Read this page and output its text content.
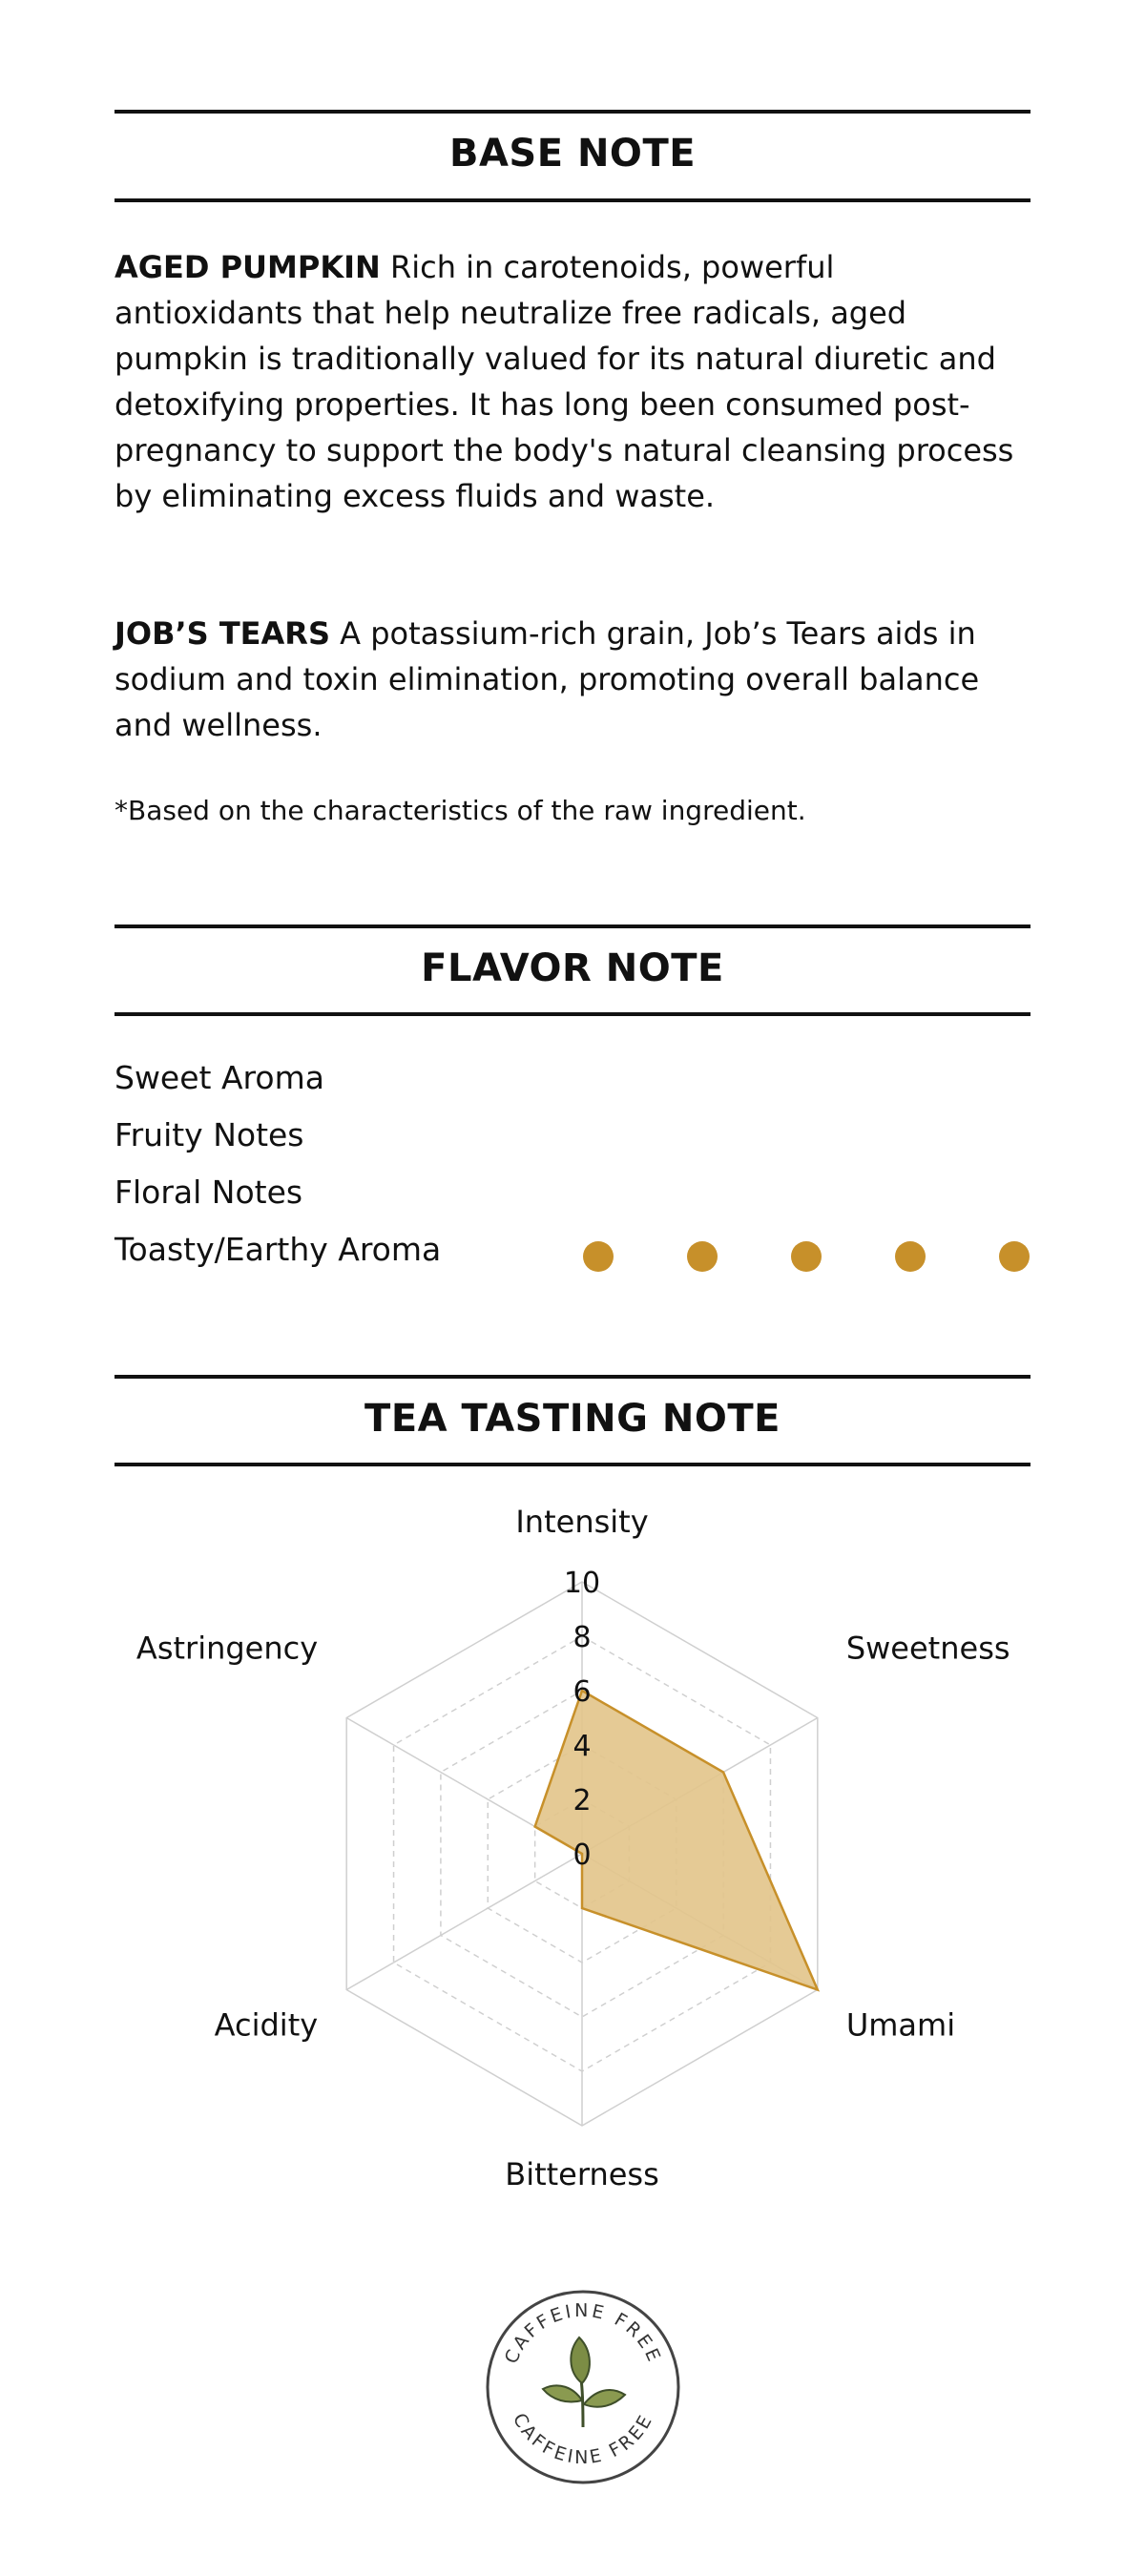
BASE NOTE
AGED PUMPKIN Rich in carotenoids, powerful antioxidants that help neutralize free radicals, aged pumpkin is traditionally valued for its natural diuretic and detoxifying properties. It has long been consumed post-pregnancy to support the body's natural cleansing process by eliminating excess fluids and waste.
JOB’S TEARS A potassium-rich grain, Job’s Tears aids in sodium and toxin elimination, promoting overall balance and wellness.
*Based on the characteristics of the raw ingredient.
FLAVOR NOTE
Sweet Aroma
Fruity Notes
Floral Notes
Toasty/Earthy Aroma
TEA TASTING NOTE
0
2
4
6
8
10
Intensity
Sweetness
Umami
Bitterness
Acidity
Astringency
CAFFEINE FREE
CAFFEINE FREE
